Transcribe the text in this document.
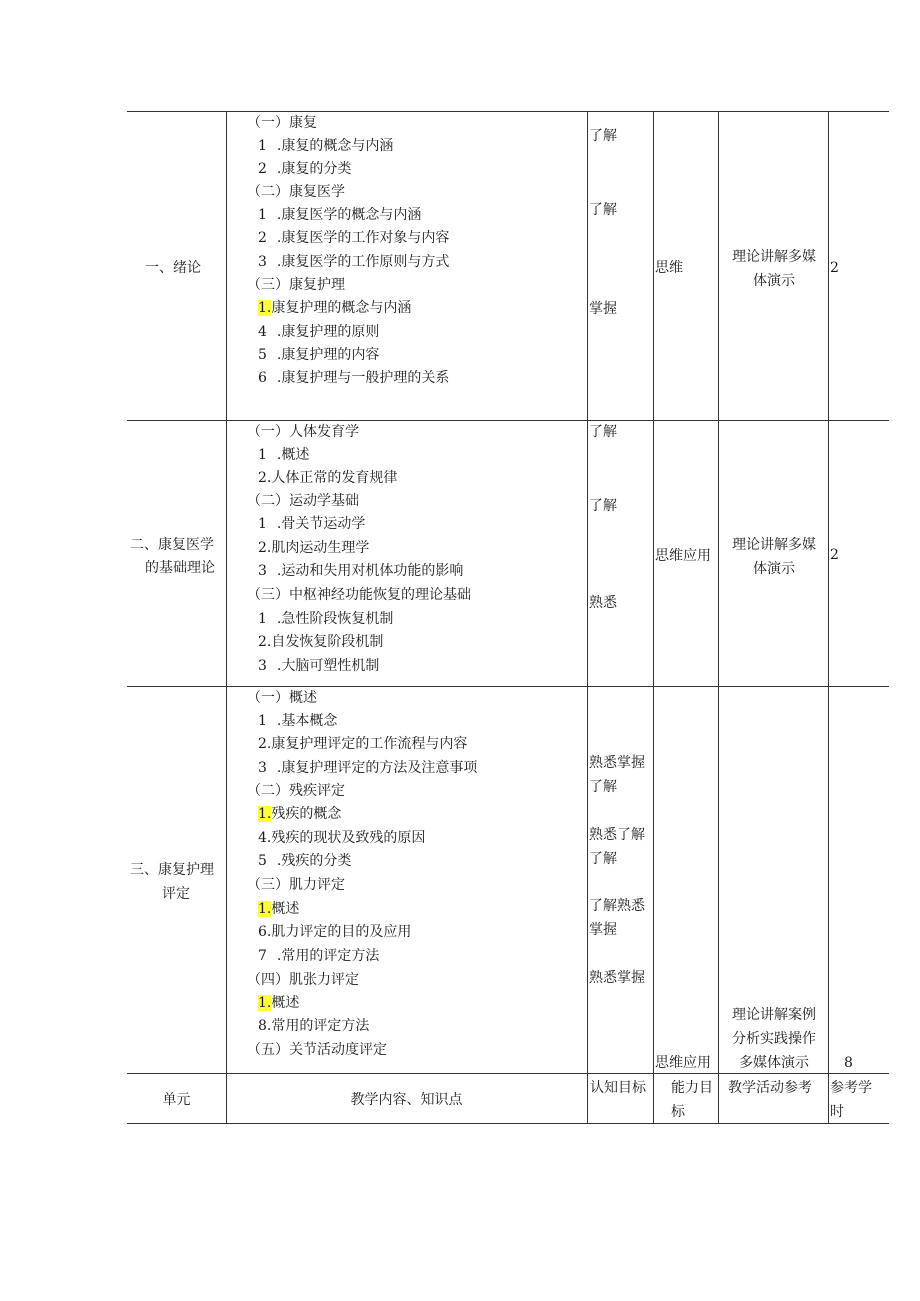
一、绪论
（一）康复
1 .康复的概念与内涵
2 .康复的分类
（二）康复医学
1 .康复医学的概念与内涵
2 .康复医学的工作对象与内容
3 .康复医学的工作原则与方式
（三）康复护理
1.康复护理的概念与内涵
4 .康复护理的原则
5 .康复护理的内容
6 .康复护理与一般护理的关系
了解
了解
掌握
思维
理论讲解多媒
体演示
2
二、康复医学
的基础理论
（一）人体发育学
1 .概述
2.人体正常的发育规律
（二）运动学基础
1 .骨关节运动学
2.肌肉运动生理学
3 .运动和失用对机体功能的影响
（三）中枢神经功能恢复的理论基础
1 .急性阶段恢复机制
2.自发恢复阶段机制
3 .大脑可塑性机制
了解
了解
熟悉
思维应用
理论讲解多媒
体演示
2
三、康复护理
评定
（一）概述
1 .基本概念
2.康复护理评定的工作流程与内容
3 .康复护理评定的方法及注意事项
（二）残疾评定
1.残疾的概念
4.残疾的现状及致残的原因
5 .残疾的分类
（三）肌力评定
1.概述
6.肌力评定的目的及应用
7 .常用的评定方法
（四）肌张力评定
1.概述
8.常用的评定方法
（五）关节活动度评定
熟悉掌握
了解
熟悉了解
了解
了解熟悉
掌握
熟悉掌握
思维应用
理论讲解案例
分析实践操作
多媒体演示	8
单元	教学内容、知识点
认知目标 能力目
标
教学活动参考 参考学
时
